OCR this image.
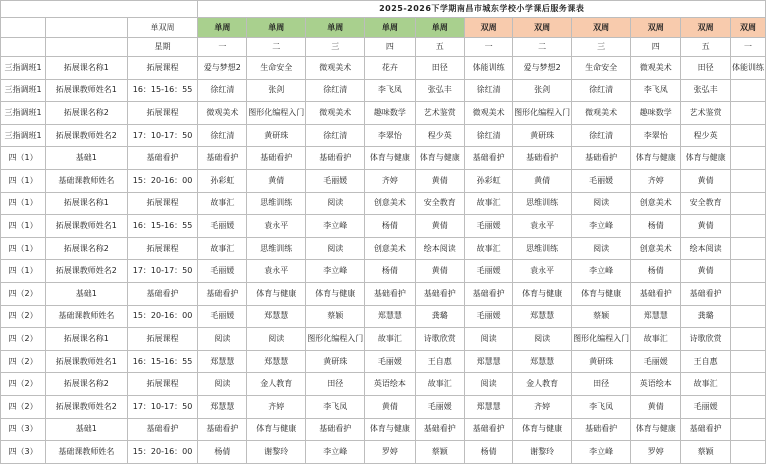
			2025-2026下学期南昌市城东学校小学课后服务课表										
		单双周	单周	单周	单周	单周	单周	双周	双周	双周	双周	双周	双周
		星期	一	二	三	四	五	一	二	三	四	五	一
三指调班1	拓展课名称1	拓展课程	爱与梦想2	生命安全	微观美术	花卉	田径	体能训练	爱与梦想2	生命安全	微观美术	田径	体能训练
三指调班1	拓展课教师姓名1	16：15-16：55	徐红清	张剑	徐红清	李飞凤	张弘丰	徐红清	张剑	徐红清	李飞凤	张弘丰	
三指调班1	拓展课名称2	拓展课程	微观美术	图形化编程入门	微观美术	趣味数学	艺术鉴赏	微观美术	图形化编程入门	微观美术	趣味数学	艺术鉴赏	
三指调班1	拓展课教师姓名2	17：10-17：50	徐红清	黄研珠	徐红清	李翠怡	程少英	徐红清	黄研珠	徐红清	李翠怡	程少英	
四（1）	基础1	基础看护	基础看护	基础看护	基础看护	体育与健康	体育与健康	基础看护	基础看护	基础看护	体育与健康	体育与健康	
四（1）	基础课教师姓名	15：20-16：00	孙彩虹	黄倩	毛丽媛	齐婷	黄倩	孙彩虹	黄倩	毛丽媛	齐婷	黄倩	
四（1）	拓展课名称1	拓展课程	故事汇	思维训练	阅读	创意美术	安全教育	故事汇	思维训练	阅读	创意美术	安全教育	
四（1）	拓展课教师姓名1	16：15-16：55	毛丽媛	袁永平	李立峰	杨倩	黄倩	毛丽媛	袁永平	李立峰	杨倩	黄倩	
四（1）	拓展课名称2	拓展课程	故事汇	思维训练	阅读	创意美术	绘本阅读	故事汇	思维训练	阅读	创意美术	绘本阅读	
四（1）	拓展课教师姓名2	17：10-17：50	毛丽媛	袁永平	李立峰	杨倩	黄倩	毛丽媛	袁永平	李立峰	杨倩	黄倩	
四（2）	基础1	基础看护	基础看护	体育与健康	体育与健康	基础看护	基础看护	基础看护	体育与健康	体育与健康	基础看护	基础看护	
四（2）	基础课教师姓名	15：20-16：00	毛丽媛	郑慧慧	蔡颖	郑慧慧	龚璐	毛丽媛	郑慧慧	蔡颖	郑慧慧	龚璐	
四（2）	拓展课名称1	拓展课程	阅读	阅读	图形化编程入门	故事汇	诗歌欣赏	阅读	阅读	图形化编程入门	故事汇	诗歌欣赏	
四（2）	拓展课教师姓名1	16：15-16：55	郑慧慧	郑慧慧	黄研珠	毛丽媛	王自惠	郑慧慧	郑慧慧	黄研珠	毛丽媛	王自惠	
四（2）	拓展课名称2	拓展课程	阅读	金人教育	田径	英语绘本	故事汇	阅读	金人教育	田径	英语绘本	故事汇	
四（2）	拓展课教师姓名2	17：10-17：50	郑慧慧	齐婷	李飞凤	黄倩	毛丽媛	郑慧慧	齐婷	李飞凤	黄倩	毛丽媛	
四（3）	基础1	基础看护	基础看护	体育与健康	基础看护	体育与健康	基础看护	基础看护	体育与健康	基础看护	体育与健康	基础看护	
四（3）	基础课教师姓名	15：20-16：00	杨倩	谢黎玲	李立峰	罗婷	蔡颖	杨倩	谢黎玲	李立峰	罗婷	蔡颖	
